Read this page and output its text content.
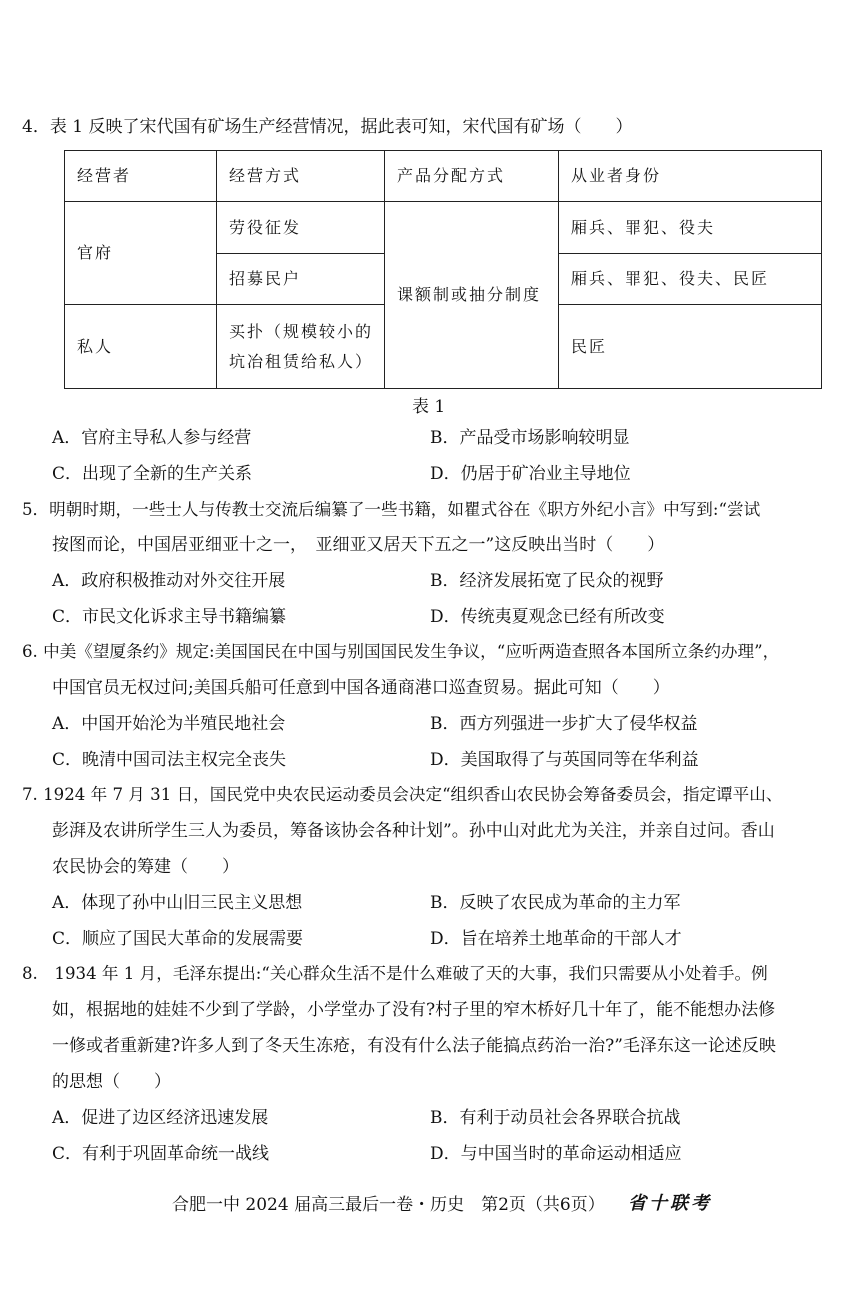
4．表 1 反映了宋代国有矿场生产经营情况，据此表可知，宋代国有矿场（　　）
经营者	经营方式	产品分配方式	从业者身份
官府	劳役征发	课额制或抽分制度	厢兵、罪犯、役夫
	招募民户		厢兵、罪犯、役夫、民匠
私人	买扑（规模较小的
坑冶租赁给私人）		民匠
表 1
A．官府主导私人参与经营	B．产品受市场影响较明显
C．出现了全新的生产关系	D．仍居于矿冶业主导地位
5．明朝时期，一些士人与传教士交流后编纂了一些书籍，如瞿式谷在《职方外纪小言》中写到:“尝试
按图而论，中国居亚细亚十之一，　亚细亚又居天下五之一”这反映出当时（　　）
A．政府积极推动对外交往开展	B．经济发展拓宽了民众的视野
C．市民文化诉求主导书籍编纂	D．传统夷夏观念已经有所改变
6. 中美《望厦条约》规定:美国国民在中国与别国国民发生争议，“应听两造查照各本国所立条约办理”，
中国官员无权过问;美国兵船可任意到中国各通商港口巡查贸易。据此可知（　　）
A．中国开始沦为半殖民地社会	B．西方列强进一步扩大了侵华权益
C．晚清中国司法主权完全丧失	D．美国取得了与英国同等在华利益
7. 1924 年 7 月 31 日，国民党中央农民运动委员会决定“组织香山农民协会筹备委员会，指定谭平山、
彭湃及农讲所学生三人为委员，筹备该协会各种计划”。孙中山对此尤为关注，并亲自过问。香山
农民协会的筹建（　　）
A．体现了孙中山旧三民主义思想	B．反映了农民成为革命的主力军
C．顺应了国民大革命的发展需要	D．旨在培养土地革命的干部人才
8.　1934 年 1 月，毛泽东提出:“关心群众生活不是什么难破了天的大事，我们只需要从小处着手。例
如，根据地的娃娃不少到了学龄，小学堂办了没有?村子里的窄木桥好几十年了，能不能想办法修
一修或者重新建?许多人到了冬天生冻疮，有没有什么法子能搞点药治一治?”毛泽东这一论述反映
的思想（　　）
A．促进了边区经济迅速发展	B．有利于动员社会各界联合抗战
C．有利于巩固革命统一战线	D．与中国当时的革命运动相适应
合肥一中 2024 届高三最后一卷・历史　第2页（共6页） 省十联考
